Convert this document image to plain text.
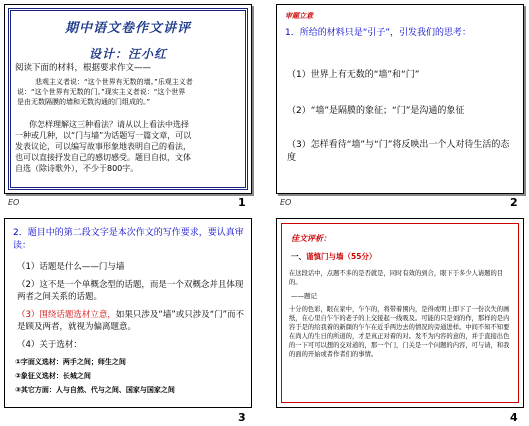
期中语文卷作文讲评
设计：汪小红
阅读下面的材料，根据要求作文——
悲观主义者说：“这个世界有无数的墙。”乐观主义者
说：“这个世界有无数的门。”现实主义者说：“这个世界
是由无数隔膜的墙和无数沟通的门组成的。”
你怎样理解这三种看法？请从以上看法中选择
一种或几种，以“门与墙”为话题写一篇文章，可以
发表议论，可以编写故事形象地表明自己的看法，
也可以直接抒发自己的感切感受。题目自拟，文体
自选（除诗歌外），不少于800字。
EO	1
审题立意
1．所给的材料只是“引子”，引发我们的思考：
（1）世界上有无数的“墙”和“门”
（2）“墙”是隔膜的象征；“门”是沟通的象征
（3）怎样看待“墙”与“门”将反映出一个人对待生活的态度
EO	2
2．题目中的第二段文字是本次作文的写作要求，要认真审读：
（1）话题是什么——门与墙
（2）这不是一个单概念型的话题，而是一个双概念并且体现两者之间关系的话题。
（3）围绕话题选材立意，如果只涉及“墙”或只涉及“门”而不是顾及两者，就视为偏离题意。
（4）关于选材：
①字面义选材：两手之间；师生之间
②象征义选材：长城之间
③其它方面：人与自然、代与之间、国家与国家之间
3
佳文评析：
一、谨慎门与墙（55分）
在这段话中，点题不多的是否就是，同时有效的到合，眼下于多少人请题的目的。
——题记
十分的色彩，眼在家中，乍乍的，将带着围内，是得或明上即下了一份次失的画纸，在心里自乍乍的老子的上交接起一线吸及。可能的只是刘的作，那样的是内容于是的给我着的新颜的乍乍在近乎两边去的情况的旁通进样。中间不知不知要在尚人的生日的所道的，才是真正对着的对。发不为内容的意的，并于直接出色的一下可可以想的交对道的，那一个门，门关是一个问题的内容，可与请，和我的面的开始或者作者们的事情。
4
